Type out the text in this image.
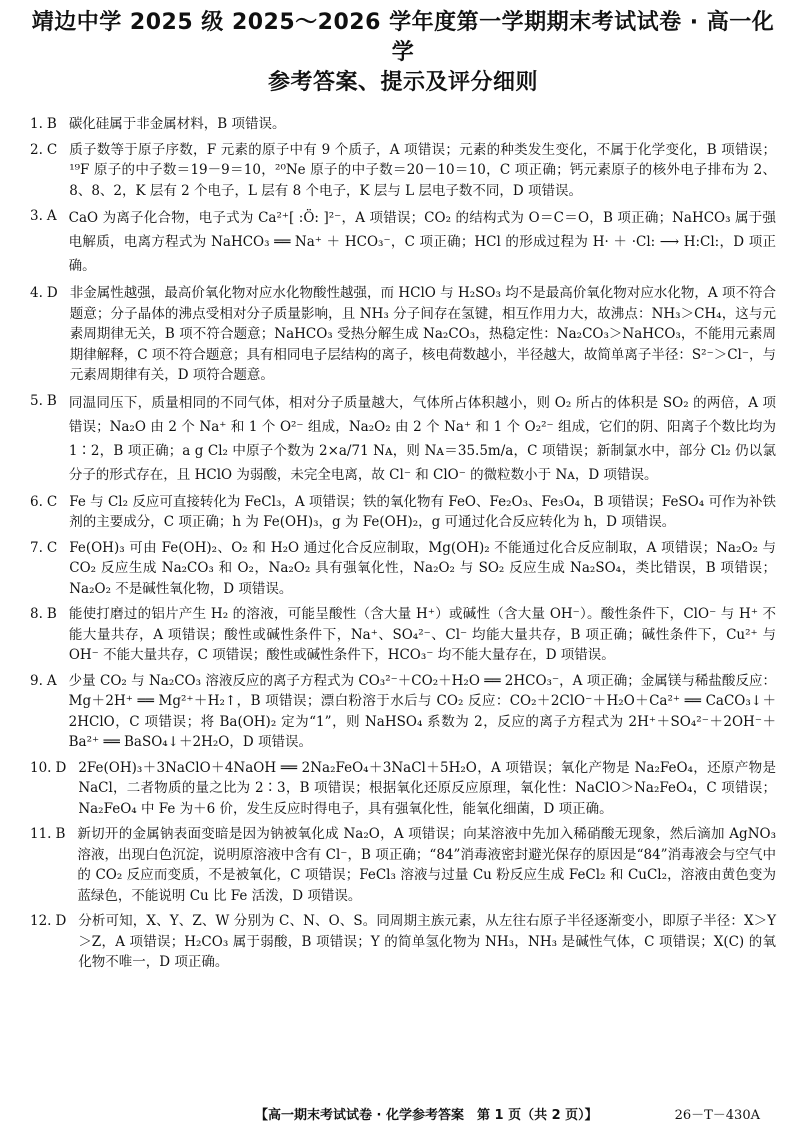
靖边中学 2025 级 2025～2026 学年度第一学期期末考试试卷 · 高一化学
参考答案、提示及评分细则
1. B 碳化硅属于非金属材料，B 项错误。
2. C 质子数等于原子序数，F 元素的原子中有 9 个质子，A 项错误；元素的种类发生变化，不属于化学变化，B 项错误；¹⁹F 原子的中子数＝19－9＝10，²⁰Ne 原子的中子数＝20－10＝10，C 项正确；钙元素原子的核外电子排布为 2、8、8、2，K 层有 2 个电子，L 层有 8 个电子，K 层与 L 层电子数不同，D 项错误。
3. A CaO 为离子化合物，电子式为 Ca²⁺[ :Ö: ]²⁻，A 项错误；CO₂ 的结构式为 O＝C＝O，B 项正确；NaHCO₃ 属于强电解质，电离方程式为 NaHCO₃ ══ Na⁺ ＋ HCO₃⁻，C 项正确；HCl 的形成过程为 H· ＋ ·Cl: ⟶ H:Cl:，D 项正确。
4. D 非金属性越强，最高价氧化物对应水化物酸性越强，而 HClO 与 H₂SO₃ 均不是最高价氧化物对应水化物，A 项不符合题意；分子晶体的沸点受相对分子质量影响，且 NH₃ 分子间存在氢键，相互作用力大，故沸点：NH₃＞CH₄，这与元素周期律无关，B 项不符合题意；NaHCO₃ 受热分解生成 Na₂CO₃，热稳定性：Na₂CO₃＞NaHCO₃，不能用元素周期律解释，C 项不符合题意；具有相同电子层结构的离子，核电荷数越小，半径越大，故简单离子半径：S²⁻＞Cl⁻，与元素周期律有关，D 项符合题意。
5. B 同温同压下，质量相同的不同气体，相对分子质量越大，气体所占体积越小，则 O₂ 所占的体积是 SO₂ 的两倍，A 项错误；Na₂O 由 2 个 Na⁺ 和 1 个 O²⁻ 组成，Na₂O₂ 由 2 个 Na⁺ 和 1 个 O₂²⁻ 组成，它们的阴、阳离子个数比均为 1∶2，B 项正确；a g Cl₂ 中原子个数为 2×a/71 Nᴀ，则 Nᴀ＝35.5m/a，C 项错误；新制氯水中，部分 Cl₂ 仍以氯分子的形式存在，且 HClO 为弱酸，未完全电离，故 Cl⁻ 和 ClO⁻ 的微粒数小于 Nᴀ，D 项错误。
6. C Fe 与 Cl₂ 反应可直接转化为 FeCl₃，A 项错误；铁的氧化物有 FeO、Fe₂O₃、Fe₃O₄，B 项错误；FeSO₄ 可作为补铁剂的主要成分，C 项正确；h 为 Fe(OH)₃，g 为 Fe(OH)₂，g 可通过化合反应转化为 h，D 项错误。
7. C Fe(OH)₃ 可由 Fe(OH)₂、O₂ 和 H₂O 通过化合反应制取，Mg(OH)₂ 不能通过化合反应制取，A 项错误；Na₂O₂ 与 CO₂ 反应生成 Na₂CO₃ 和 O₂，Na₂O₂ 具有强氧化性，Na₂O₂ 与 SO₂ 反应生成 Na₂SO₄，类比错误，B 项错误；Na₂O₂ 不是碱性氧化物，D 项错误。
8. B 能使打磨过的铝片产生 H₂ 的溶液，可能呈酸性（含大量 H⁺）或碱性（含大量 OH⁻）。酸性条件下，ClO⁻ 与 H⁺ 不能大量共存，A 项错误；酸性或碱性条件下，Na⁺、SO₄²⁻、Cl⁻ 均能大量共存，B 项正确；碱性条件下，Cu²⁺ 与 OH⁻ 不能大量共存，C 项错误；酸性或碱性条件下，HCO₃⁻ 均不能大量存在，D 项错误。
9. A 少量 CO₂ 与 Na₂CO₃ 溶液反应的离子方程式为 CO₃²⁻＋CO₂＋H₂O ══ 2HCO₃⁻，A 项正确；金属镁与稀盐酸反应：Mg＋2H⁺ ══ Mg²⁺＋H₂↑，B 项错误；漂白粉溶于水后与 CO₂ 反应：CO₂＋2ClO⁻＋H₂O＋Ca²⁺ ══ CaCO₃↓＋2HClO，C 项错误；将 Ba(OH)₂ 定为“1”，则 NaHSO₄ 系数为 2，反应的离子方程式为 2H⁺＋SO₄²⁻＋2OH⁻＋Ba²⁺ ══ BaSO₄↓＋2H₂O，D 项错误。
10. D 2Fe(OH)₃＋3NaClO＋4NaOH ══ 2Na₂FeO₄＋3NaCl＋5H₂O，A 项错误；氧化产物是 Na₂FeO₄，还原产物是 NaCl，二者物质的量之比为 2∶3，B 项错误；根据氧化还原反应原理，氧化性：NaClO＞Na₂FeO₄，C 项错误；Na₂FeO₄ 中 Fe 为＋6 价，发生反应时得电子，具有强氧化性，能氧化细菌，D 项正确。
11. B 新切开的金属钠表面变暗是因为钠被氧化成 Na₂O，A 项错误；向某溶液中先加入稀硝酸无现象，然后滴加 AgNO₃ 溶液，出现白色沉淀，说明原溶液中含有 Cl⁻，B 项正确；“84”消毒液密封避光保存的原因是“84”消毒液会与空气中的 CO₂ 反应而变质，不是被氧化，C 项错误；FeCl₃ 溶液与过量 Cu 粉反应生成 FeCl₂ 和 CuCl₂，溶液由黄色变为蓝绿色，不能说明 Cu 比 Fe 活泼，D 项错误。
12. D 分析可知，X、Y、Z、W 分别为 C、N、O、S。同周期主族元素，从左往右原子半径逐渐变小，即原子半径：X＞Y＞Z，A 项错误；H₂CO₃ 属于弱酸，B 项错误；Y 的简单氢化物为 NH₃，NH₃ 是碱性气体，C 项错误；X(C) 的氧化物不唯一，D 项正确。
【高一期末考试试卷 · 化学参考答案　第 1 页（共 2 页）】	26－T－430A
